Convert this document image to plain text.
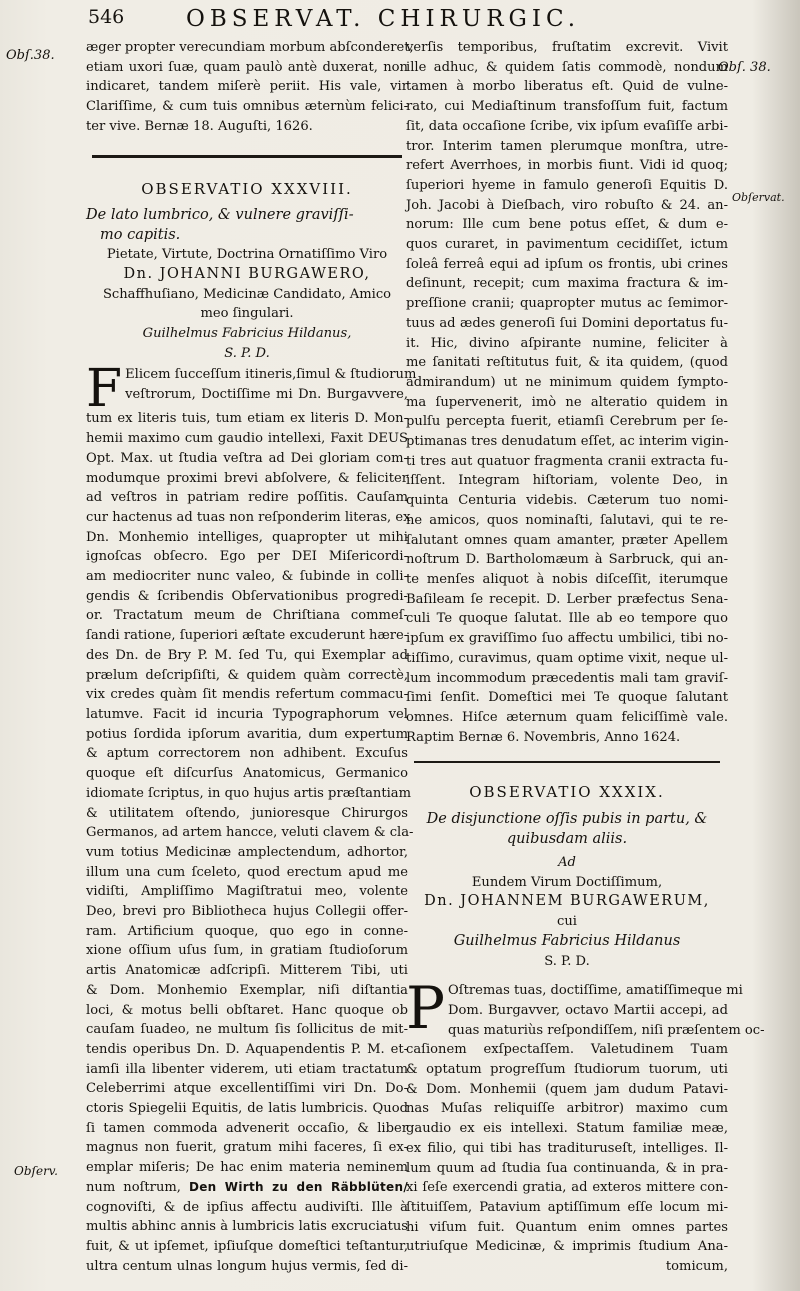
546	OBSERVAT. CHIRURGIC.
Obſ.38.
Obſ. 38.
Obſervat.
Obſerv.
æger propter verecundiam morbum abſconderet,
etiam uxori ſuæ, quam paulò antè duxerat, non
indicaret, tandem miſerè periit. His vale, vir
Clariſſime, & cum tuis omnibus æternùm felici-
ter vive. Bernæ 18. Auguſti, 1626.
OBSERVATIO XXXVIII.
De lato lumbrico, & vulnere graviſſi-
mo capitis.
Pietate, Virtute, Doctrina Ornatiſſimo Viro
Dn. JOHANNI BURGAWERO,
Schaffhuſiano, Medicinæ Candidato, Amico
meo ſingulari.
Guilhelmus Fabricius Hildanus,
S. P. D.
F Elicem ſucceſſum itineris,ſimul & ſtudiorum
veſtrorum, Doctiſſime mi Dn. Burgavvere,
tum ex literis tuis, tum etiam ex literis D. Mon-
hemii maximo cum gaudio intellexi, Faxit DEUS
Opt. Max. ut ſtudia veſtra ad Dei gloriam com-
modumque proximi brevi abſolvere, & feliciter
ad veſtros in patriam redire poſſitis. Cauſam
cur hactenus ad tuas non reſponderim literas, ex
Dn. Monhemio intelliges, quapropter ut mihi
ignoſcas obſecro. Ego per DEI Miſericordi-
am mediocriter nunc valeo, & ſubinde in colli-
gendis & ſcribendis Obſervationibus progredi-
or. Tractatum meum de Chriſtiana commeſ-
ſandi ratione, ſuperiori æſtate excuderunt hære-
des Dn. de Bry P. M. ſed Tu, qui Exemplar ad
prælum deſcripſiſti, & quidem quàm correctè,
vix credes quàm ſit mendis refertum commacu-
latumve. Facit id incuria Typographorum vel
potius ſordida ipſorum avaritia, dum expertum
& aptum correctorem non adhibent. Excuſus
quoque eſt diſcurſus Anatomicus, Germanico
idiomate ſcriptus, in quo hujus artis præſtantiam
& utilitatem oſtendo, junioresque Chirurgos
Germanos, ad artem hancce, veluti clavem & cla-
vum totius Medicinæ amplectendum, adhortor,
illum una cum ſceleto, quod erectum apud me
vidiſti, Ampliſſimo Magiſtratui meo, volente
Deo, brevi pro Bibliotheca hujus Collegii offer-
ram. Artificium quoque, quo ego in conne-
xione oſſium uſus ſum, in gratiam ſtudioſorum
artis Anatomicæ adſcripſi. Mitterem Tibi, uti
& Dom. Monhemio Exemplar, niſi diſtantia
loci, & motus belli obſtaret. Hanc quoque ob
cauſam ſuadeo, ne multum ſis ſollicitus de mit-
tendis operibus Dn. D. Aquapendentis P. M. et-
iamſi illa libenter viderem, uti etiam tractatum
Celeberrimi atque excellentiſſimi viri Dn. Do-
ctoris Spiegelii Equitis, de latis lumbricis. Quod
ſi tamen commoda advenerit occaſio, & liber
magnus non fuerit, gratum mihi faceres, ſi ex-
emplar miſeris; De hac enim materia neminem
num noſtrum, Den Wirth zu den Räbblüten/
cognoviſti, & de ipſius affectu audiviſti. Ille à
multis abhinc annis à lumbricis latis excruciatus
fuit, & ut ipſemet, ipſiuſque domeſtici teſtantur,
ultra centum ulnas longum hujus vermis, ſed di-
verſis temporibus, fruſtatim excrevit. Vivit
ille adhuc, & quidem ſatis commodè, nondum
tamen à morbo liberatus eſt. Quid de vulne-
rato, cui Mediaſtinum transfoſſum fuit, factum
ſit, data occaſione ſcribe, vix ipſum evaſiſſe arbi-
tror. Interim tamen plerumque monſtra, utre-
refert Averrhoes, in morbis fiunt. Vidi id quoq;
ſuperiori hyeme in famulo generoſi Equitis D.
Joh. Jacobi à Dieſbach, viro robuſto & 24. an-
norum: Ille cum bene potus eſſet, & dum e-
quos curaret, in pavimentum cecidiſſet, ictum
ſoleâ ferreâ equi ad ipſum os frontis, ubi crines
deſinunt, recepit; cum maxima fractura & im-
preſſione cranii; quapropter mutus ac ſemimor-
tuus ad ædes generoſi ſui Domini deportatus fu-
it. Hic, divino aſpirante numine, feliciter à
me ſanitati reſtitutus fuit, & ita quidem, (quod
admirandum) ut ne minimum quidem ſympto-
ma ſupervenerit, imò ne alteratio quidem in
pulſu percepta fuerit, etiamſi Cerebrum per ſe-
ptimanas tres denudatum eſſet, ac interim vigin-
ti tres aut quatuor fragmenta cranii extracta fu-
iſſent. Integram hiſtoriam, volente Deo, in
quinta Centuria videbis. Cæterum tuo nomi-
ne amicos, quos nominaſti, ſalutavi, qui te re-
ſalutant omnes quam amanter, præter Apellem
noſtrum D. Bartholomæum à Sarbruck, qui an-
te menſes aliquot à nobis diſceſſit, iterumque
Baſileam ſe recepit. D. Lerber præfectus Sena-
culi Te quoque ſalutat. Ille ab eo tempore quo
ipſum ex graviſſimo ſuo affectu umbilici, tibi no-
tiſſimo, curavimus, quam optime vixit, neque ul-
lum incommodum præcedentis mali tam graviſ-
ſimi ſenſit. Domeſtici mei Te quoque ſalutant
omnes. Hiſce æternum quam feliciſſimè vale.
Raptim Bernæ 6. Novembris, Anno 1624.
OBSERVATIO XXXIX.
De disjunctione oſſis pubis in partu, &
quibusdam aliis.
Ad
Eundem Virum Doctiſſimum,
Dn. JOHANNEM BURGAWERUM,
cui
Guilhelmus Fabricius Hildanus
S. P. D.
P Oſtremas tuas, doctiſſime, amatiſſimeque mi
Dom. Burgavver, octavo Martii accepi, ad
quas maturiùs reſpondiſſem, niſi præſentem oc-
caſionem exſpectaſſem. Valetudinem Tuam
& optatum progreſſum ſtudiorum tuorum, uti
& Dom. Monhemii (quem jam dudum Patavi-
nas Muſas reliquiſſe arbitror) maximo cum
gaudio ex eis intellexi. Statum familiæ meæ,
ex filio, qui tibi has tradituruseſt, intelliges. Il-
lum quum ad ſtudia ſua continuanda, & in pra-
xi ſeſe exercendi gratia, ad exteros mittere con-
ſtituiſſem, Patavium aptiſſimum eſſe locum mi-
hi viſum fuit. Quantum enim omnes partes
utriuſque Medicinæ, & imprimis ſtudium Ana-
tomicum,
